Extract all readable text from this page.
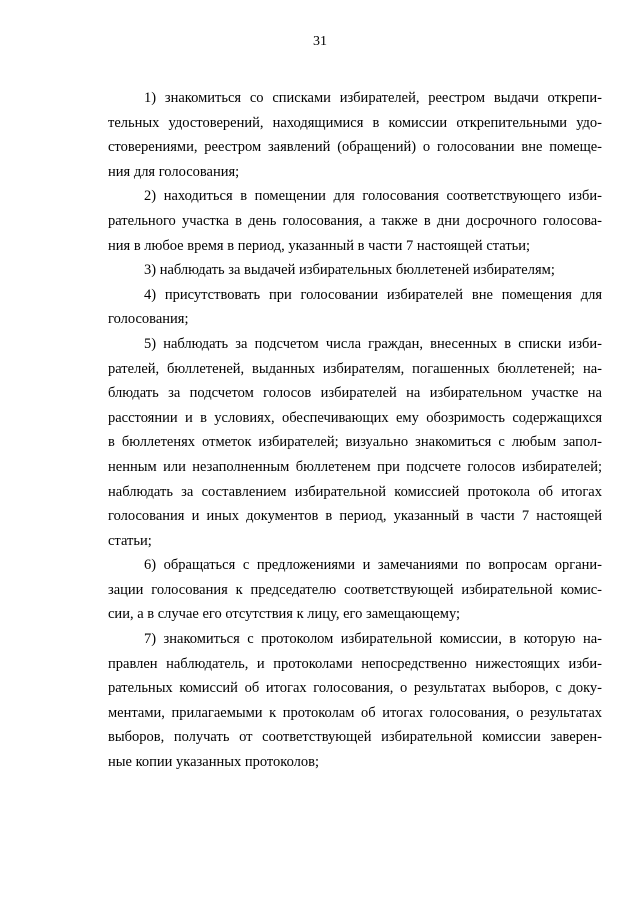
31
1) знакомиться со списками избирателей, реестром выдачи открепи-
тельных удостоверений, находящимися в комиссии открепительными удо-
стоверениями, реестром заявлений (обращений) о голосовании вне помеще-
ния для голосования;
2) находиться в помещении для голосования соответствующего изби-
рательного участка в день голосования, а также в дни досрочного голосова-
ния в любое время в период, указанный в части 7 настоящей статьи;
3) наблюдать за выдачей избирательных бюллетеней избирателям;
4) присутствовать при голосовании избирателей вне помещения для
голосования;
5) наблюдать за подсчетом числа граждан, внесенных в списки изби-
рателей, бюллетеней, выданных избирателям, погашенных бюллетеней; на-
блюдать за подсчетом голосов избирателей на избирательном участке на
расстоянии и в условиях, обеспечивающих ему обозримость содержащихся
в бюллетенях отметок избирателей; визуально знакомиться с любым запол-
ненным или незаполненным бюллетенем при подсчете голосов избирателей;
наблюдать за составлением избирательной комиссией протокола об итогах
голосования и иных документов в период, указанный в части 7 настоящей
статьи;
6) обращаться с предложениями и замечаниями по вопросам органи-
зации голосования к председателю соответствующей избирательной комис-
сии, а в случае его отсутствия к лицу, его замещающему;
7) знакомиться с протоколом избирательной комиссии, в которую на-
правлен наблюдатель, и протоколами непосредственно нижестоящих изби-
рательных комиссий об итогах голосования, о результатах выборов, с доку-
ментами, прилагаемыми к протоколам об итогах голосования, о результатах
выборов, получать от соответствующей избирательной комиссии заверен-
ные копии указанных протоколов;
